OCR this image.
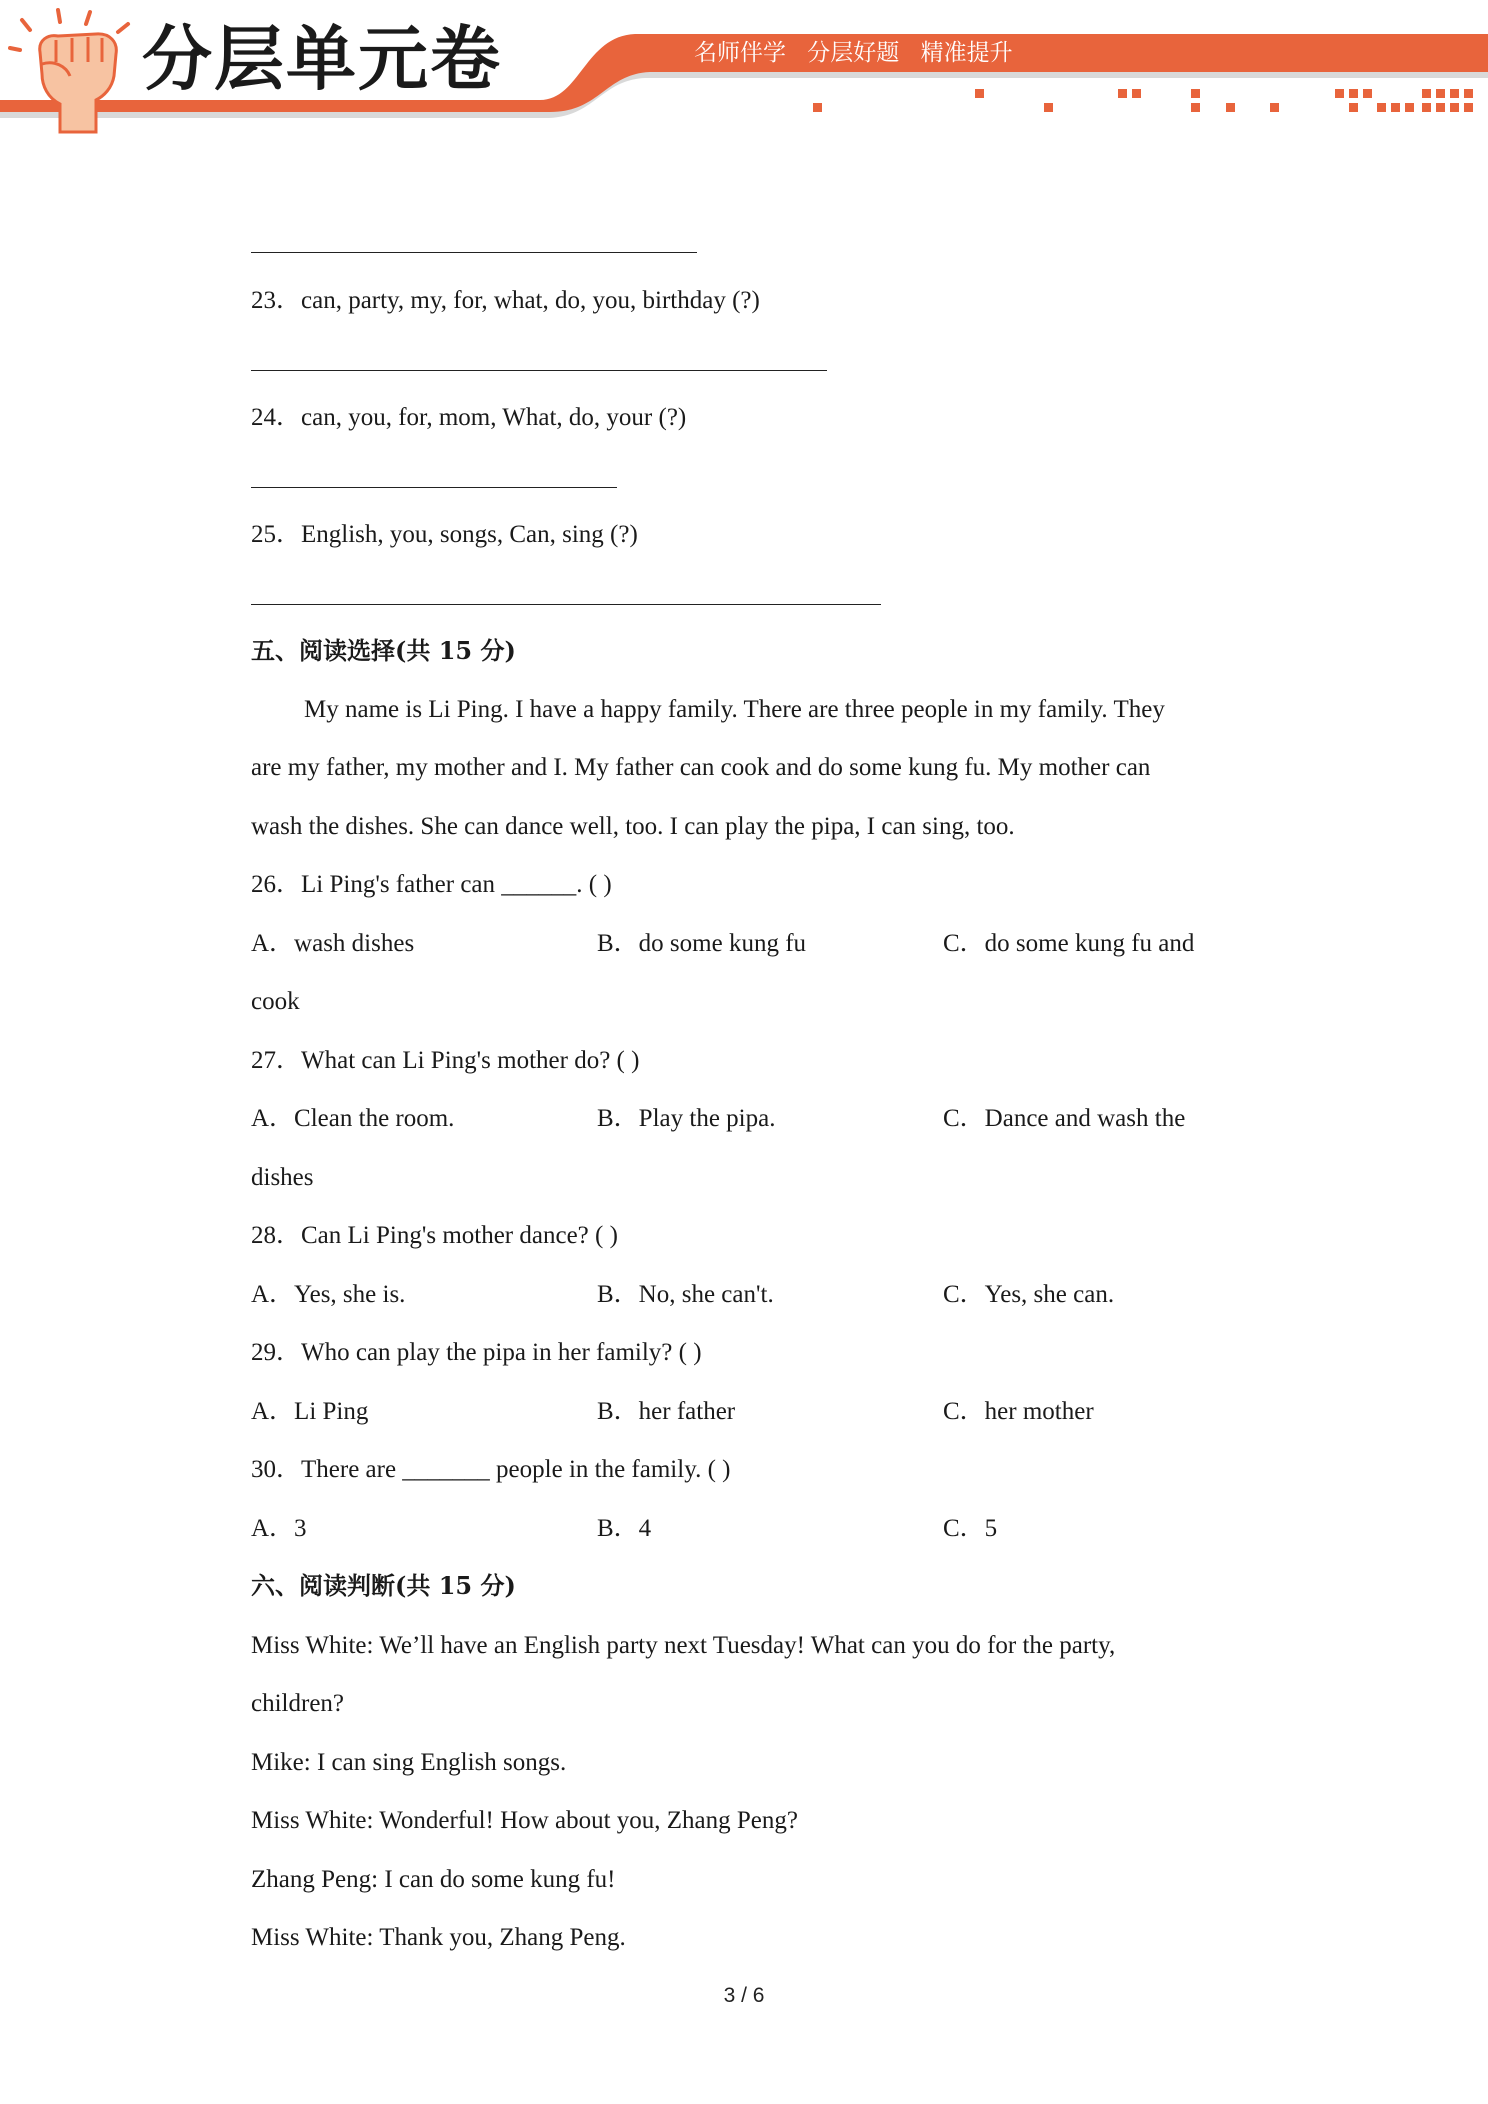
分层单元卷	名师伴学 分层好题 精准提升
23．can, party, my, for, what, do, you, birthday (?)
24．can, you, for, mom, What, do, your (?)
25．English, you, songs, Can, sing (?)
五、阅读选择(共 15 分)
My name is Li Ping. I have a happy family. There are three people in my family. They
are my father, my mother and I. My father can cook and do some kung fu. My mother can
wash the dishes. She can dance well, too. I can play the pipa, I can sing, too.
26．Li Ping's father can ______. ( )
A．wash dishes	B．do some kung fu	C．do some kung fu and
cook
27．What can Li Ping's mother do? ( )
A．Clean the room.	B．Play the pipa.	C．Dance and wash the
dishes
28．Can Li Ping's mother dance? ( )
A．Yes, she is.	B．No, she can't.	C．Yes, she can.
29．Who can play the pipa in her family? ( )
A．Li Ping	B．her father	C．her mother
30．There are _______ people in the family. ( )
A．3	B．4	C．5
六、阅读判断(共 15 分)
Miss White: We’ll have an English party next Tuesday! What can you do for the party,
children?
Mike: I can sing English songs.
Miss White: Wonderful! How about you, Zhang Peng?
Zhang Peng: I can do some kung fu!
Miss White: Thank you, Zhang Peng.
3 / 6
